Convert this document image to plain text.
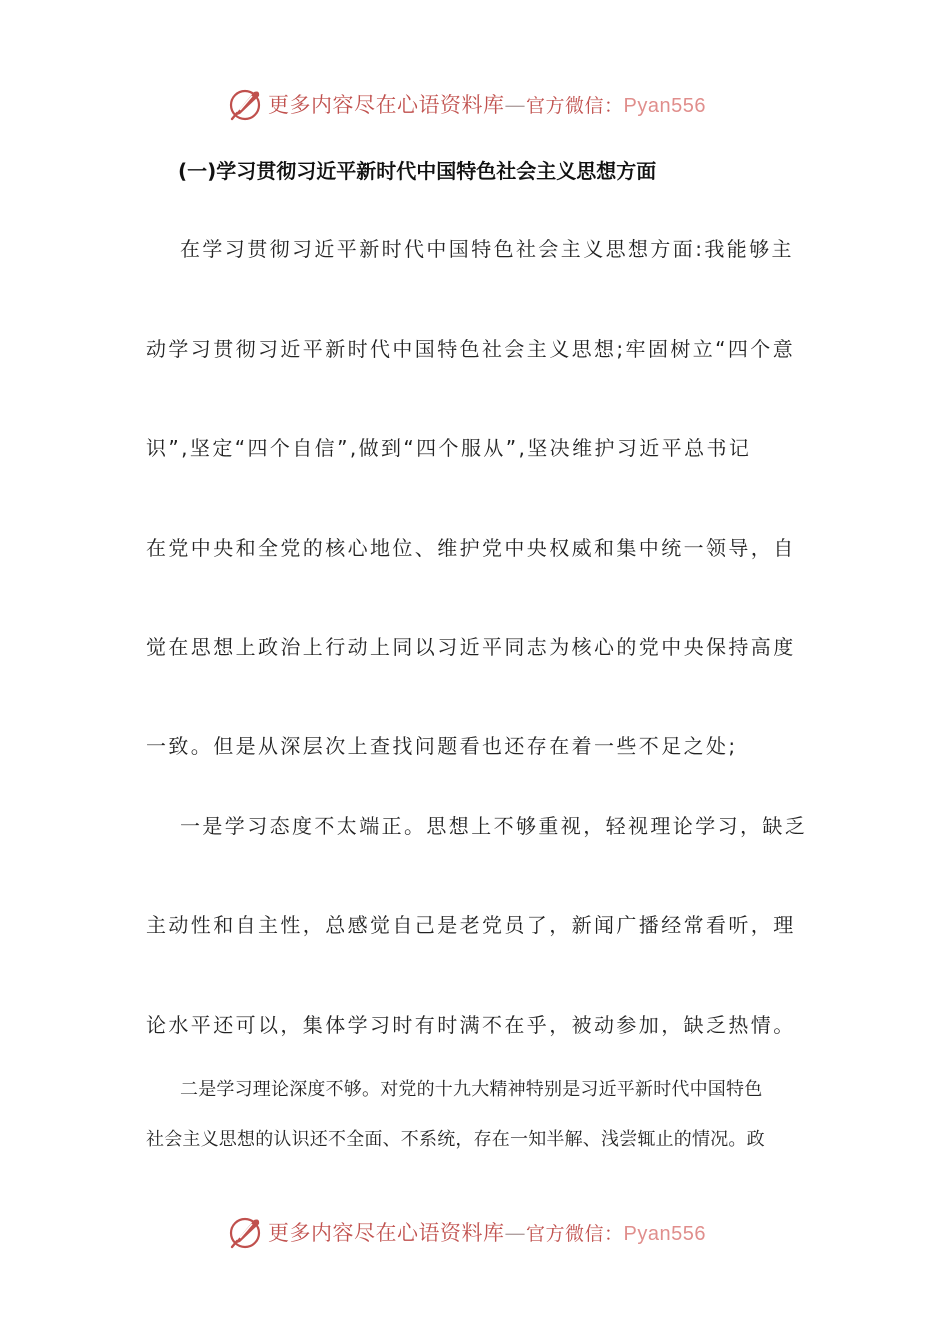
更多内容尽在心语资料库—官方微信：Pyan556
(一)学习贯彻习近平新时代中国特色社会主义思想方面
在学习贯彻习近平新时代中国特色社会主义思想方面:我能够主
动学习贯彻习近平新时代中国特色社会主义思想;牢固树立“四个意
识”,坚定“四个自信”,做到“四个服从”,坚决维护习近平总书记
在党中央和全党的核心地位、维护党中央权威和集中统一领导，自
觉在思想上政治上行动上同以习近平同志为核心的党中央保持高度
一致。但是从深层次上查找问题看也还存在着一些不足之处;
一是学习态度不太端正。思想上不够重视，轻视理论学习，缺乏
主动性和自主性，总感觉自己是老党员了，新闻广播经常看听，理
论水平还可以，集体学习时有时满不在乎，被动参加，缺乏热情。
二是学习理论深度不够。对党的十九大精神特别是习近平新时代中国特色
社会主义思想的认识还不全面、不系统，存在一知半解、浅尝辄止的情况。政
更多内容尽在心语资料库—官方微信：Pyan556
